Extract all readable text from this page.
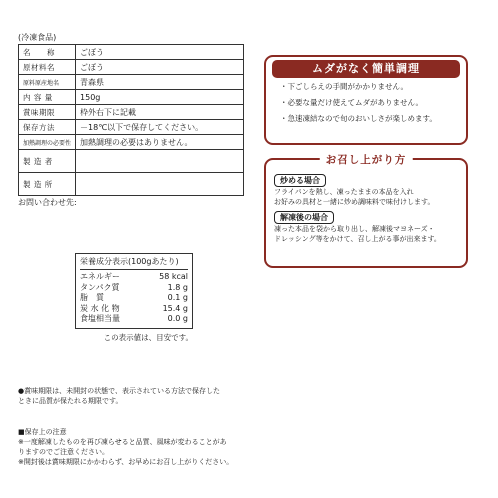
(冷凍食品)
名　　称	ごぼう
原材料名	ごぼう
原料原産地名	青森県
内 容 量	150g
賞味期限	枠外右下に記載
保存方法	－18℃以下で保存してください。
加熱調理の必要性	加熱調理の必要はありません。
製 造 者	
製 造 所	
お問い合わせ先:
栄養成分表示(100gあたり)
エネルギー	58 kcal
タンパク質	1.8 g
脂　質	0.1 g
炭 水 化 物	15.4 g
食塩相当量	0.0 g
この表示値は、目安です。
●賞味期限は、未開封の状態で、表示されている方法で保存した
ときに品質が保たれる期限です。
■保存上の注意
※一度解凍したものを再び凍らせると品質、風味が変わることがあ
りますのでご注意ください。
※開封後は賞味期限にかかわらず、お早めにお召し上がりください。
ムダがなく簡単調理
・下ごしらえの手間がかかりません。
・必要な量だけ使えてムダがありません。
・急速凍結なので旬のおいしさが楽しめます。
お召し上がり方
炒める場合
フライパンを熱し、凍ったままの本品を入れ
お好みの具材と一緒に炒め調味料で味付けします。
解凍後の場合
凍った本品を袋から取り出し、解凍後マヨネーズ・
ドレッシング等をかけて、召し上がる事が出来ます。
